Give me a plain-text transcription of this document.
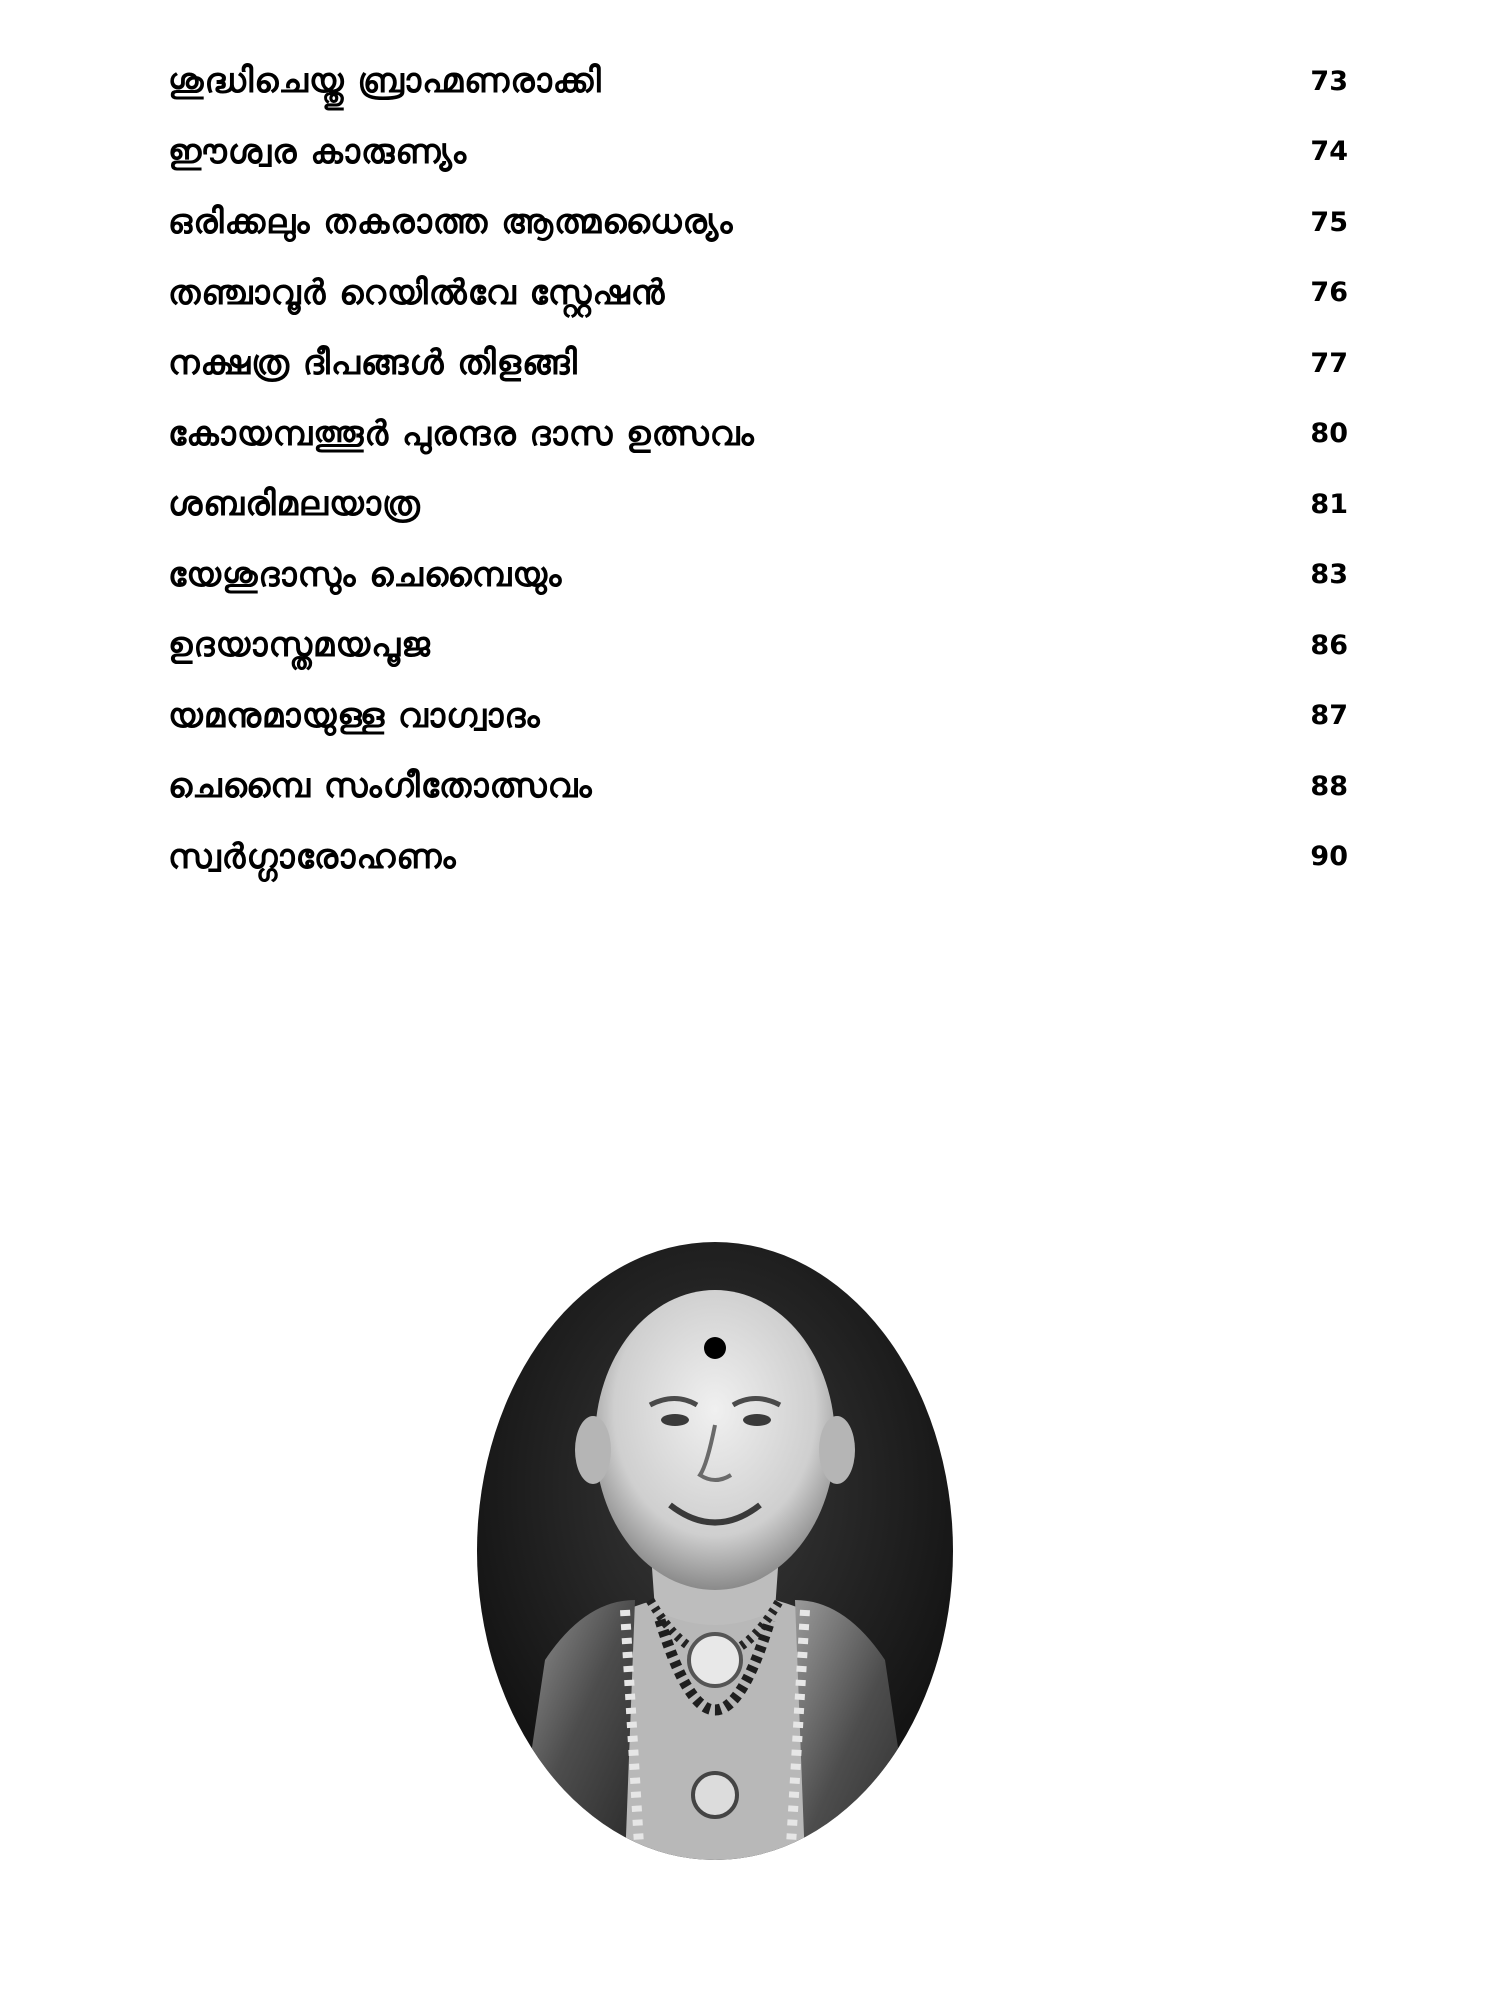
ശുദ്ധിചെയ്തു ബ്രാഹ്മണരാക്കി	73
ഈശ്വര കാരുണ്യം	74
ഒരിക്കലും തകരാത്ത ആത്മധൈര്യം	75
തഞ്ചാവൂർ റെയിൽവേ സ്റ്റേഷൻ	76
നക്ഷത്ര ദീപങ്ങൾ തിളങ്ങി	77
കോയമ്പത്തൂർ പുരന്ദര ദാസ ഉത്സവം	80
ശബരിമലയാത്ര	81
യേശുദാസും ചെമ്പൈയും	83
ഉദയാസ്തമയപൂജ	86
യമനുമായുള്ള വാഗ്വാദം	87
ചെമ്പൈ സംഗീതോത്സവം	88
സ്വർഗ്ഗാരോഹണം	90
